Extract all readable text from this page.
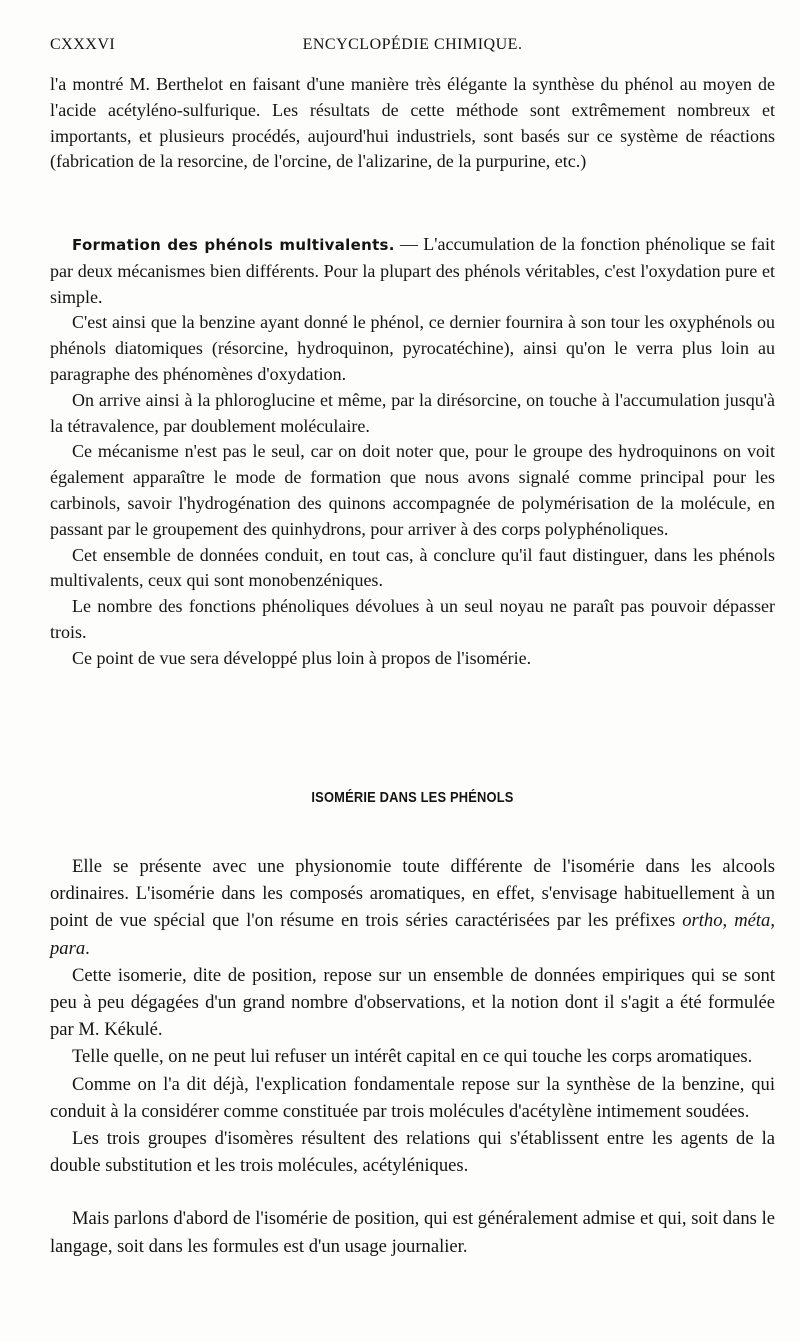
CXXXVI	ENCYCLOPÉDIE CHIMIQUE.

l'a montré M. Berthelot en faisant d'une manière très élégante la synthèse du phénol au moyen de l'acide acétyléno-sulfurique. Les résultats de cette méthode sont extrêmement nombreux et importants, et plusieurs procédés, aujourd'hui industriels, sont basés sur ce système de réactions (fabrication de la resorcine, de l'orcine, de l'alizarine, de la purpurine, etc.)

Formation des phénols multivalents. — L'accumulation de la fonction phénolique se fait par deux mécanismes bien différents. Pour la plupart des phénols véritables, c'est l'oxydation pure et simple.

C'est ainsi que la benzine ayant donné le phénol, ce dernier fournira à son tour les oxyphénols ou phénols diatomiques (résorcine, hydroquinon, pyrocatéchine), ainsi qu'on le verra plus loin au paragraphe des phénomènes d'oxydation.

On arrive ainsi à la phloroglucine et même, par la dirésorcine, on touche à l'accumulation jusqu'à la tétravalence, par doublement moléculaire.

Ce mécanisme n'est pas le seul, car on doit noter que, pour le groupe des hydroquinons on voit également apparaître le mode de formation que nous avons signalé comme principal pour les carbinols, savoir l'hydrogénation des quinons accompagnée de polymérisation de la molécule, en passant par le groupement des quinhydrons, pour arriver à des corps polyphénoliques.

Cet ensemble de données conduit, en tout cas, à conclure qu'il faut distinguer, dans les phénols multivalents, ceux qui sont monobenzéniques.

Le nombre des fonctions phénoliques dévolues à un seul noyau ne paraît pas pouvoir dépasser trois.

Ce point de vue sera développé plus loin à propos de l'isomérie.

ISOMÉRIE DANS LES PHÉNOLS

Elle se présente avec une physionomie toute différente de l'isomérie dans les alcools ordinaires. L'isomérie dans les composés aromatiques, en effet, s'envisage habituellement à un point de vue spécial que l'on résume en trois séries caractérisées par les préfixes ortho, méta, para.

Cette isomerie, dite de position, repose sur un ensemble de données empiriques qui se sont peu à peu dégagées d'un grand nombre d'observations, et la notion dont il s'agit a été formulée par M. Kékulé.

Telle quelle, on ne peut lui refuser un intérêt capital en ce qui touche les corps aromatiques.

Comme on l'a dit déjà, l'explication fondamentale repose sur la synthèse de la benzine, qui conduit à la considérer comme constituée par trois molécules d'acétylène intimement soudées.

Les trois groupes d'isomères résultent des relations qui s'établissent entre les agents de la double substitution et les trois molécules, acétyléniques.

Mais parlons d'abord de l'isomérie de position, qui est généralement admise et qui, soit dans le langage, soit dans les formules est d'un usage journalier.
